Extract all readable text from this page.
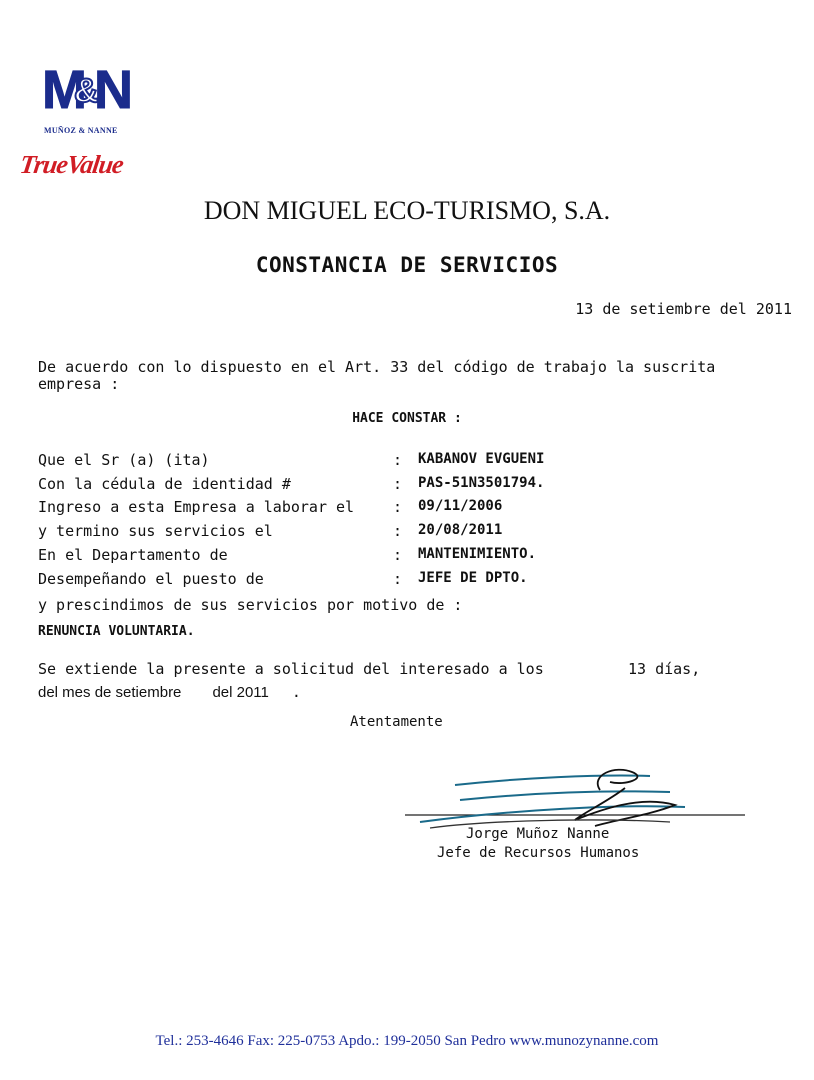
M
&
N
MUÑOZ & NANNE
TrueValue
DON MIGUEL ECO-TURISMO, S.A.
CONSTANCIA DE SERVICIOS
13 de setiembre del 2011
De acuerdo con lo dispuesto en el Art. 33 del código de trabajo la suscrita empresa :
HACE CONSTAR :
Que el Sr (a) (ita)	: KABANOV EVGUENI
Con la cédula de identidad #	: PAS-51N3501794.
Ingreso a esta Empresa a laborar el	: 09/11/2006
y termino sus servicios el	: 20/08/2011
En el Departamento de	: MANTENIMIENTO.
Desempeñando el puesto de	: JEFE DE DPTO.
y prescindimos de sus servicios por motivo de :
RENUNCIA VOLUNTARIA.
Se extiende la presente a solicitud del interesado a los	13 días,
del mes de setiembre del 2011 .
Atentamente
Jorge Muñoz Nanne
Jefe de Recursos Humanos
Tel.: 253-4646 Fax: 225-0753 Apdo.: 199-2050 San Pedro www.munozynanne.com
